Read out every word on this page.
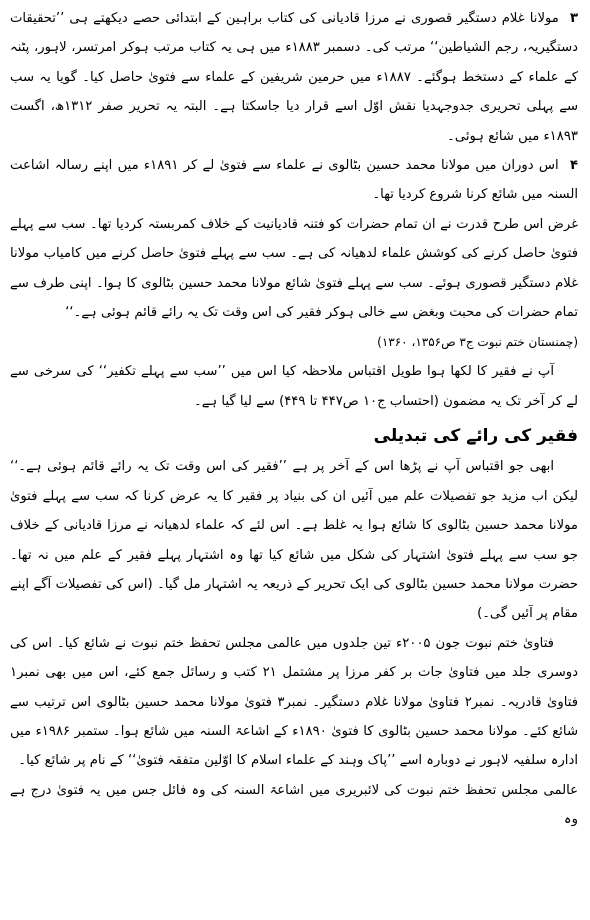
۳ مولانا غلام دستگیر قصوری نے مرزا قادیانی کی کتاب براہین کے ابتدائی حصے دیکھتے ہی ’’تحقیقات دستگیریہ، رجم الشیاطین‘‘ مرتب کی۔ دسمبر ۱۸۸۳ء میں ہی یہ کتاب مرتب ہوکر امرتسر، لاہور، پٹنہ کے علماء کے دستخط ہوگئے۔ ۱۸۸۷ء میں حرمین شریفین کے علماء سے فتویٰ حاصل کیا۔ گویا یہ سب سے پہلی تحریری جدوجہدیا نقش اوّل اسے قرار دیا جاسکتا ہے۔ البتہ یہ تحریر صفر ۱۳۱۲ھ، اگست ۱۸۹۳ء میں شائع ہوئی۔

۴ اس دوران میں مولانا محمد حسین بٹالوی نے علماء سے فتویٰ لے کر ۱۸۹۱ء میں اپنے رسالہ اشاعت السنہ میں شائع کرنا شروع کردیا تھا۔

غرض اس طرح قدرت نے ان تمام حضرات کو فتنہ قادیانیت کے خلاف کمربستہ کردیا تھا۔ سب سے پہلے فتویٰ حاصل کرنے کی کوشش علماء لدھیانہ کی ہے۔ سب سے پہلے فتویٰ حاصل کرنے میں کامیاب مولانا غلام دستگیر قصوری ہوئے۔ سب سے پہلے فتویٰ شائع مولانا محمد حسین بٹالوی کا ہوا۔ اپنی طرف سے تمام حضرات کی محبت وبغض سے خالی ہوکر فقیر کی اس وقت تک یہ رائے قائم ہوئی ہے۔‘‘

(چمنستان ختم نبوت ج۳ ص۱۳۵۶، ۱۳۶۰)

آپ نے فقیر کا لکھا ہوا طویل اقتباس ملاحظہ کیا اس میں ’’سب سے پہلے تکفیر‘‘ کی سرخی سے لے کر آخر تک یہ مضمون (احتساب ج۱۰ ص۴۴۷ تا ۴۴۹) سے لیا گیا ہے۔

فقیر کی رائے کی تبدیلی

ابھی جو اقتباس آپ نے پڑھا اس کے آخر پر ہے ’’فقیر کی اس وقت تک یہ رائے قائم ہوئی ہے۔‘‘ لیکن اب مزید جو تفصیلات علم میں آئیں ان کی بنیاد پر فقیر کا یہ عرض کرنا کہ سب سے پہلے فتویٰ مولانا محمد حسین بٹالوی کا شائع ہوا یہ غلط ہے۔ اس لئے کہ علماء لدھیانہ نے مرزا قادیانی کے خلاف جو سب سے پہلے فتویٰ اشتہار کی شکل میں شائع کیا تھا وہ اشتہار پہلے فقیر کے علم میں نہ تھا۔ حضرت مولانا محمد حسین بٹالوی کی ایک تحریر کے ذریعہ یہ اشتہار مل گیا۔ (اس کی تفصیلات آگے اپنے مقام پر آئیں گی۔)

فتاویٰ ختم نبوت جون ۲۰۰۵ء تین جلدوں میں عالمی مجلس تحفظ ختم نبوت نے شائع کیا۔ اس کی دوسری جلد میں فتاویٰ جات بر کفر مرزا پر مشتمل ۲۱ کتب و رسائل جمع کئے، اس میں بھی نمبر۱ فتاویٰ قادریہ۔ نمبر۲ فتاویٰ مولانا غلام دستگیر۔ نمبر۳ فتویٰ مولانا محمد حسین بٹالوی اس ترتیب سے شائع کئے۔ مولانا محمد حسین بٹالوی کا فتویٰ ۱۸۹۰ء کے اشاعۃ السنہ میں شائع ہوا۔ ستمبر ۱۹۸۶ء میں ادارہ سلفیہ لاہور نے دوبارہ اسے ’’پاک وہند کے علماء اسلام کا اوّلین متفقہ فتویٰ‘‘ کے نام پر شائع کیا۔

عالمی مجلس تحفظ ختم نبوت کی لائبریری میں اشاعۃ السنہ کی وہ فائل جس میں یہ فتویٰ درج ہے وہ
